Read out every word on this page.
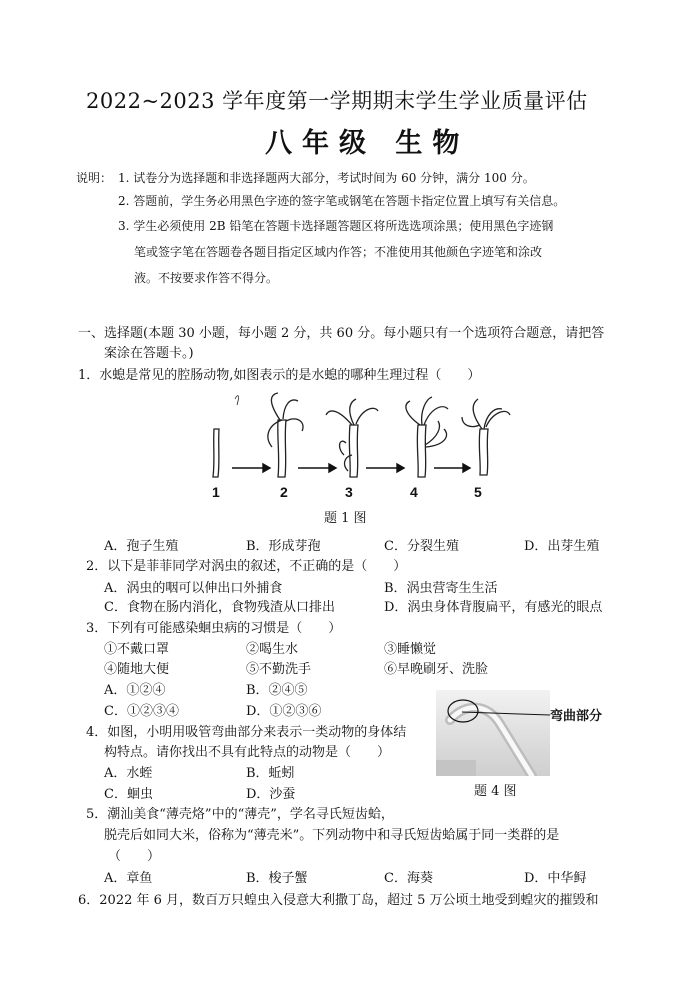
2022~2023 学年度第一学期期末学生学业质量评估
八年级 生物
说明： 1. 试卷分为选择题和非选择题两大部分，考试时间为 60 分钟，满分 100 分。
2. 答题前，学生务必用黑色字迹的签字笔或钢笔在答题卡指定位置上填写有关信息。
3. 学生必须使用 2B 铅笔在答题卡选择题答题区将所选选项涂黑；使用黑色字迹钢
笔或签字笔在答题卷各题目指定区域内作答；不准使用其他颜色字迹笔和涂改
液。不按要求作答不得分。
一、选择题(本题 30 小题，每小题 2 分，共 60 分。每小题只有一个选项符合题意，请把答
案涂在答题卡。)
1．水螅是常见的腔肠动物,如图表示的是水螅的哪种生理过程（　　）
1	2	3	4	5
题 1 图
A．孢子生殖	B．形成芽孢	C．分裂生殖	D．出芽生殖
2．以下是菲菲同学对涡虫的叙述，不正确的是（　　）
A．涡虫的咽可以伸出口外捕食	B．涡虫营寄生生活
C．食物在肠内消化，食物残渣从口排出	D．涡虫身体背腹扁平，有感光的眼点
3．下列有可能感染蛔虫病的习惯是（　　）
①不戴口罩	②喝生水	③睡懒觉
④随地大便	⑤不勤洗手	⑥早晚刷牙、洗脸
A．①②④	B．②④⑤
C．①②③④	D．①②③⑥	弯曲部分
题 4 图
4．如图，小明用吸管弯曲部分来表示一类动物的身体结
构特点。请你找出不具有此特点的动物是（　　）
A．水蛭	B．蚯蚓
C．蛔虫	D．沙蚕
5．潮汕美食“薄壳烙”中的“薄壳”，学名寻氏短齿蛤，
脱壳后如同大米，俗称为“薄壳米”。下列动物中和寻氏短齿蛤属于同一类群的是
（　　）
A．章鱼	B．梭子蟹	C．海葵	D．中华鲟
6．2022 年 6 月，数百万只蝗虫入侵意大利撒丁岛，超过 5 万公顷土地受到蝗灾的摧毁和
